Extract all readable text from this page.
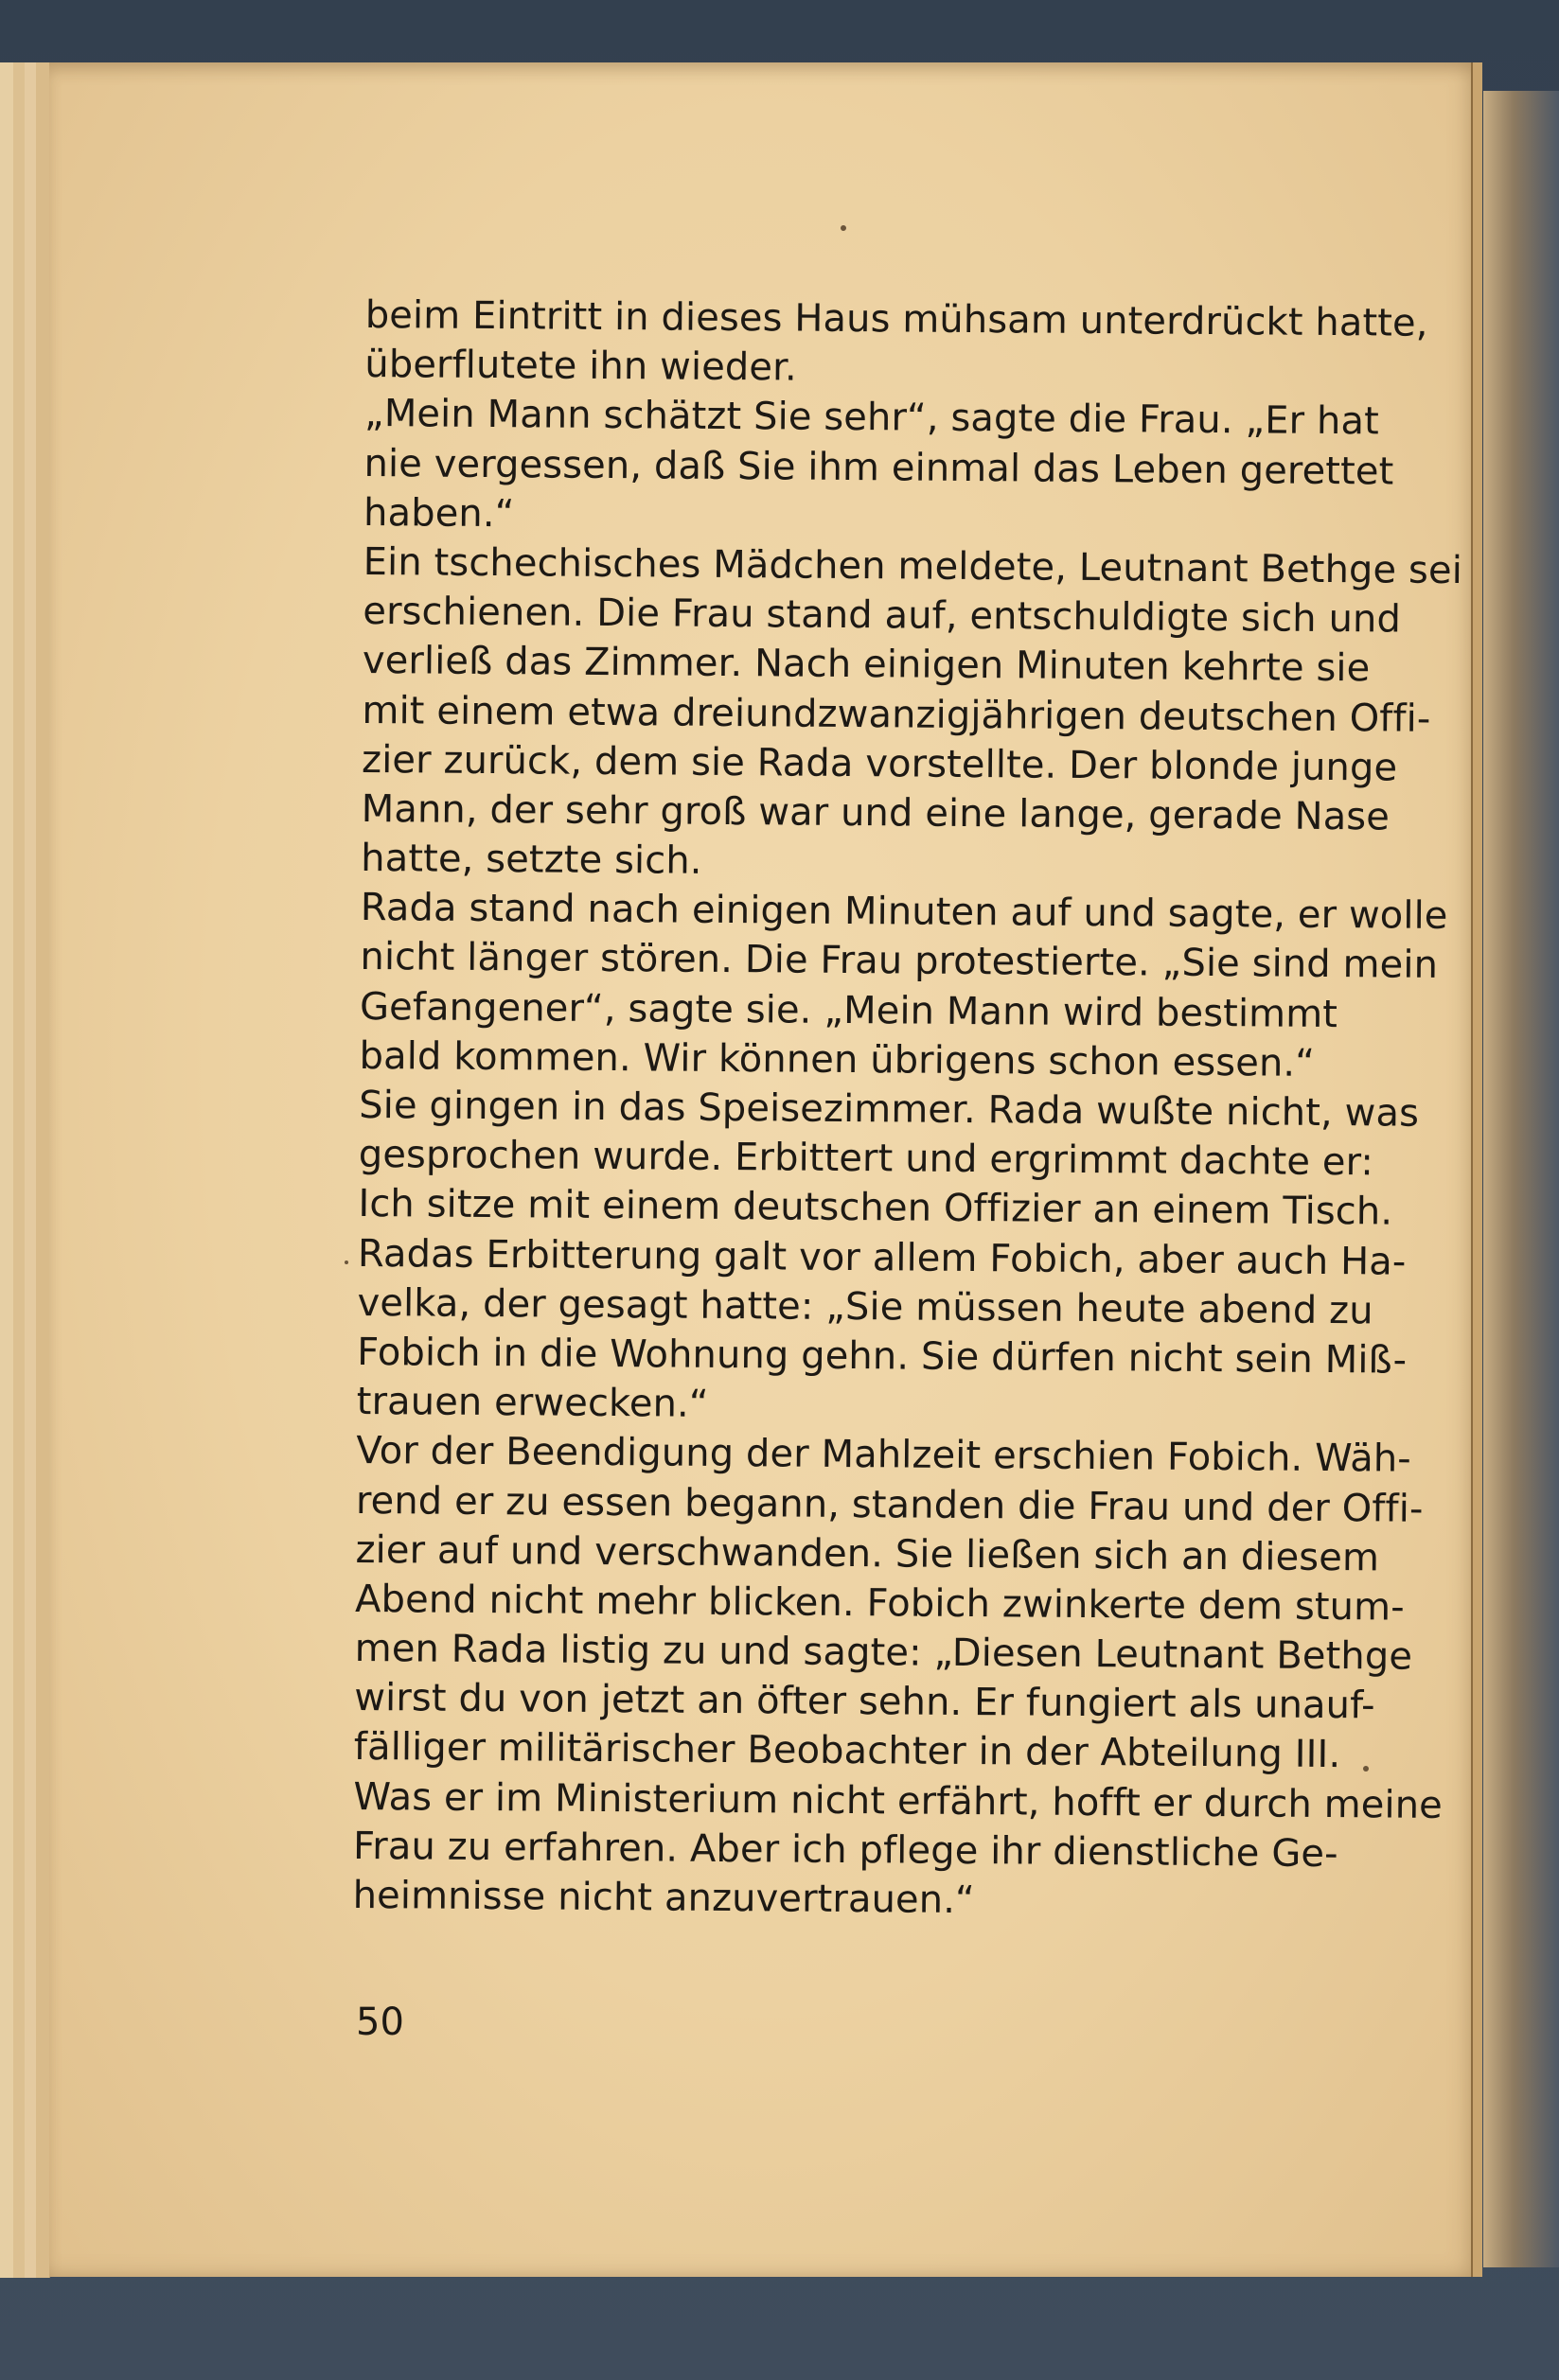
beim Eintritt in dieses Haus mühsam unterdrückt hatte,
überflutete ihn wieder.
„Mein Mann schätzt Sie sehr“, sagte die Frau. „Er hat
nie vergessen, daß Sie ihm einmal das Leben gerettet
haben.“
Ein tschechisches Mädchen meldete, Leutnant Bethge sei
erschienen. Die Frau stand auf, entschuldigte sich und
verließ das Zimmer. Nach einigen Minuten kehrte sie
mit einem etwa dreiundzwanzigjährigen deutschen Offi-
zier zurück, dem sie Rada vorstellte. Der blonde junge
Mann, der sehr groß war und eine lange, gerade Nase
hatte, setzte sich.
Rada stand nach einigen Minuten auf und sagte, er wolle
nicht länger stören. Die Frau protestierte. „Sie sind mein
Gefangener“, sagte sie. „Mein Mann wird bestimmt
bald kommen. Wir können übrigens schon essen.“
Sie gingen in das Speisezimmer. Rada wußte nicht, was
gesprochen wurde. Erbittert und ergrimmt dachte er:
Ich sitze mit einem deutschen Offizier an einem Tisch.
Radas Erbitterung galt vor allem Fobich, aber auch Ha-
velka, der gesagt hatte: „Sie müssen heute abend zu
Fobich in die Wohnung gehn. Sie dürfen nicht sein Miß-
trauen erwecken.“
Vor der Beendigung der Mahlzeit erschien Fobich. Wäh-
rend er zu essen begann, standen die Frau und der Offi-
zier auf und verschwanden. Sie ließen sich an diesem
Abend nicht mehr blicken. Fobich zwinkerte dem stum-
men Rada listig zu und sagte: „Diesen Leutnant Bethge
wirst du von jetzt an öfter sehn. Er fungiert als unauf-
fälliger militärischer Beobachter in der Abteilung III.
Was er im Ministerium nicht erfährt, hofft er durch meine
Frau zu erfahren. Aber ich pflege ihr dienstliche Ge-
heimnisse nicht anzuvertrauen.“
50
